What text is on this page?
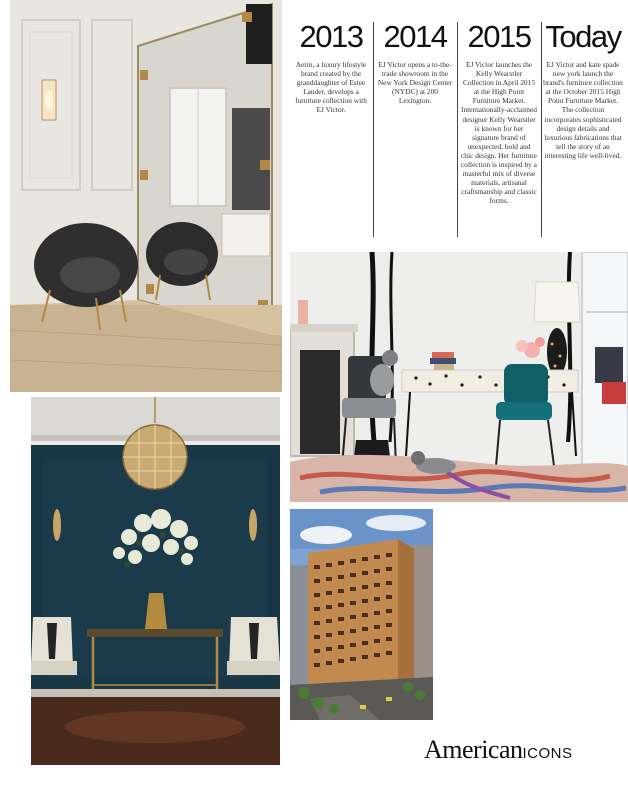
2013
Aerin, a luxury lifestyle brand created by the granddaughter of Estee Lauder, develops a furniture collection with EJ Victor.
2014
EJ Victor opens a to-the-trade showroom in the New York Design Center (NYDC) at 200 Lexington.
2015
EJ Victor launches the Kelly Wearstler Collection in April 2015 at the High Point Furniture Market. Internationally-acclaimed designer Kelly Wearstler is known for her signature brand of unexpected, bold and chic design. Her furniture collection is inspired by a masterful mix of diverse materials, artisanal craftsmanship and classic forms.
Today
EJ Victor and kate spade new york launch the brand's furniture collection at the October 2015 High Point Furniture Market. The collection incorporates sophisticated design details and luxurious fabrications that tell the story of an interesting life well-lived.
AmericanICONS
